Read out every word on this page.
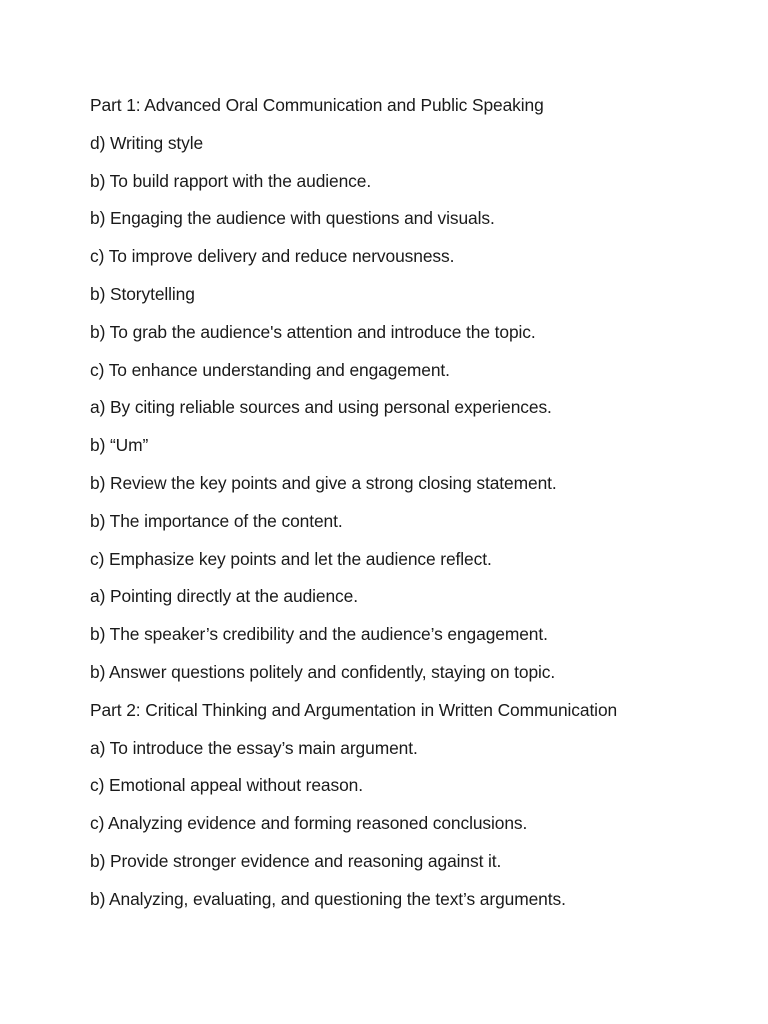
Part 1: Advanced Oral Communication and Public Speaking
d) Writing style
b) To build rapport with the audience.
b) Engaging the audience with questions and visuals.
c) To improve delivery and reduce nervousness.
b) Storytelling
b) To grab the audience's attention and introduce the topic.
c) To enhance understanding and engagement.
a) By citing reliable sources and using personal experiences.
b) “Um”
b) Review the key points and give a strong closing statement.
b) The importance of the content.
c) Emphasize key points and let the audience reflect.
a) Pointing directly at the audience.
b) The speaker’s credibility and the audience’s engagement.
b) Answer questions politely and confidently, staying on topic.
Part 2: Critical Thinking and Argumentation in Written Communication
a) To introduce the essay’s main argument.
c) Emotional appeal without reason.
c) Analyzing evidence and forming reasoned conclusions.
b) Provide stronger evidence and reasoning against it.
b) Analyzing, evaluating, and questioning the text’s arguments.
